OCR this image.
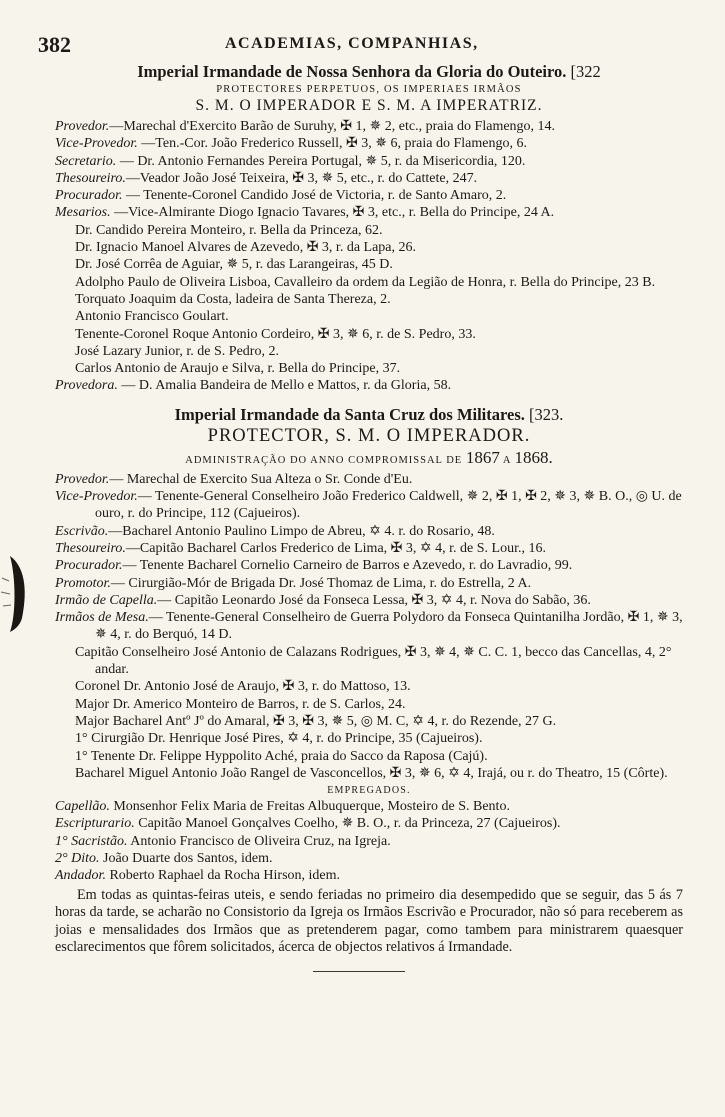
382	ACADEMIAS, COMPANHIAS,

Imperial Irmandade de Nossa Senhora da Gloria do Outeiro. [322

PROTECTORES PERPETUOS, OS IMPERIAES IRMÃOS

S. M. O IMPERADOR E S. M. A IMPERATRIZ.

Provedor.—Marechal d'Exercito Barão de Suruhy, ✠ 1, ✵ 2, etc., praia do Flamengo, 14.

Vice-Provedor. —Ten.-Cor. João Frederico Russell, ✠ 3, ✵ 6, praia do Flamengo, 6.

Secretario. — Dr. Antonio Fernandes Pereira Portugal, ✵ 5, r. da Misericordia, 120.

Thesoureiro.—Veador João José Teixeira, ✠ 3, ✵ 5, etc., r. do Cattete, 247.

Procurador. — Tenente-Coronel Candido José de Victoria, r. de Santo Amaro, 2.

Mesarios. —Vice-Almirante Diogo Ignacio Tavares, ✠ 3, etc., r. Bella do Principe, 24 A.

Dr. Candido Pereira Monteiro, r. Bella da Princeza, 62.

Dr. Ignacio Manoel Alvares de Azevedo, ✠ 3, r. da Lapa, 26.

Dr. José Corrêa de Aguiar, ✵ 5, r. das Larangeiras, 45 D.

Adolpho Paulo de Oliveira Lisboa, Cavalleiro da ordem da Legião de Honra, r. Bella do Principe, 23 B.

Torquato Joaquim da Costa, ladeira de Santa Thereza, 2.

Antonio Francisco Goulart.

Tenente-Coronel Roque Antonio Cordeiro, ✠ 3, ✵ 6, r. de S. Pedro, 33.

José Lazary Junior, r. de S. Pedro, 2.

Carlos Antonio de Araujo e Silva, r. Bella do Principe, 37.

Provedora. — D. Amalia Bandeira de Mello e Mattos, r. da Gloria, 58.

Imperial Irmandade da Santa Cruz dos Militares. [323.

PROTECTOR, S. M. O IMPERADOR.

ADMINISTRAÇÃO DO ANNO COMPROMISSAL DE 1867 A 1868.

Provedor.— Marechal de Exercito Sua Alteza o Sr. Conde d'Eu.

Vice-Provedor.— Tenente-General Conselheiro João Frederico Caldwell, ✵ 2, ✠ 1, ✠ 2, ✵ 3, ✵ B. O., ◎ U. de ouro, r. do Principe, 112 (Cajueiros).

Escrivão.—Bacharel Antonio Paulino Limpo de Abreu, ✡ 4. r. do Rosario, 48.

Thesoureiro.—Capitão Bacharel Carlos Frederico de Lima, ✠ 3, ✡ 4, r. de S. Lour., 16.

Procurador.— Tenente Bacharel Cornelio Carneiro de Barros e Azevedo, r. do Lavradio, 99.

Promotor.— Cirurgião-Mór de Brigada Dr. José Thomaz de Lima, r. do Estrella, 2 A.

Irmão de Capella.— Capitão Leonardo José da Fonseca Lessa, ✠ 3, ✡ 4, r. Nova do Sabão, 36.

Irmãos de Mesa.— Tenente-General Conselheiro de Guerra Polydoro da Fonseca Quintanilha Jordão, ✠ 1, ✵ 3, ✵ 4, r. do Berquó, 14 D.

Capitão Conselheiro José Antonio de Calazans Rodrigues, ✠ 3, ✵ 4, ✵ C. C. 1, becco das Cancellas, 4, 2° andar.

Coronel Dr. Antonio José de Araujo, ✠ 3, r. do Mattoso, 13.

Major Dr. Americo Monteiro de Barros, r. de S. Carlos, 24.

Major Bacharel Antº Jº do Amaral, ✠ 3, ✠ 3, ✵ 5, ◎ M. C, ✡ 4, r. do Rezende, 27 G.

1° Cirurgião Dr. Henrique José Pires, ✡ 4, r. do Principe, 35 (Cajueiros).

1° Tenente Dr. Felippe Hyppolito Aché, praia do Sacco da Raposa (Cajú).

Bacharel Miguel Antonio João Rangel de Vasconcellos, ✠ 3, ✵ 6, ✡ 4, Irajá, ou r. do Theatro, 15 (Côrte).

EMPREGADOS.

Capellão. Monsenhor Felix Maria de Freitas Albuquerque, Mosteiro de S. Bento.

Escripturario. Capitão Manoel Gonçalves Coelho, ✵ B. O., r. da Princeza, 27 (Cajueiros).

1° Sacristão. Antonio Francisco de Oliveira Cruz, na Igreja.

2° Dito. João Duarte dos Santos, idem.

Andador. Roberto Raphael da Rocha Hirson, idem.

Em todas as quintas-feiras uteis, e sendo feriadas no primeiro dia desempedido que se seguir, das 5 ás 7 horas da tarde, se acharão no Consistorio da Igreja os Irmãos Escrivão e Procurador, não só para receberem as joias e mensalidades dos Irmãos que as pretenderem pagar, como tambem para ministrarem quaesquer esclarecimentos que fôrem solicitados, ácerca de objectos relativos á Irmandade.
